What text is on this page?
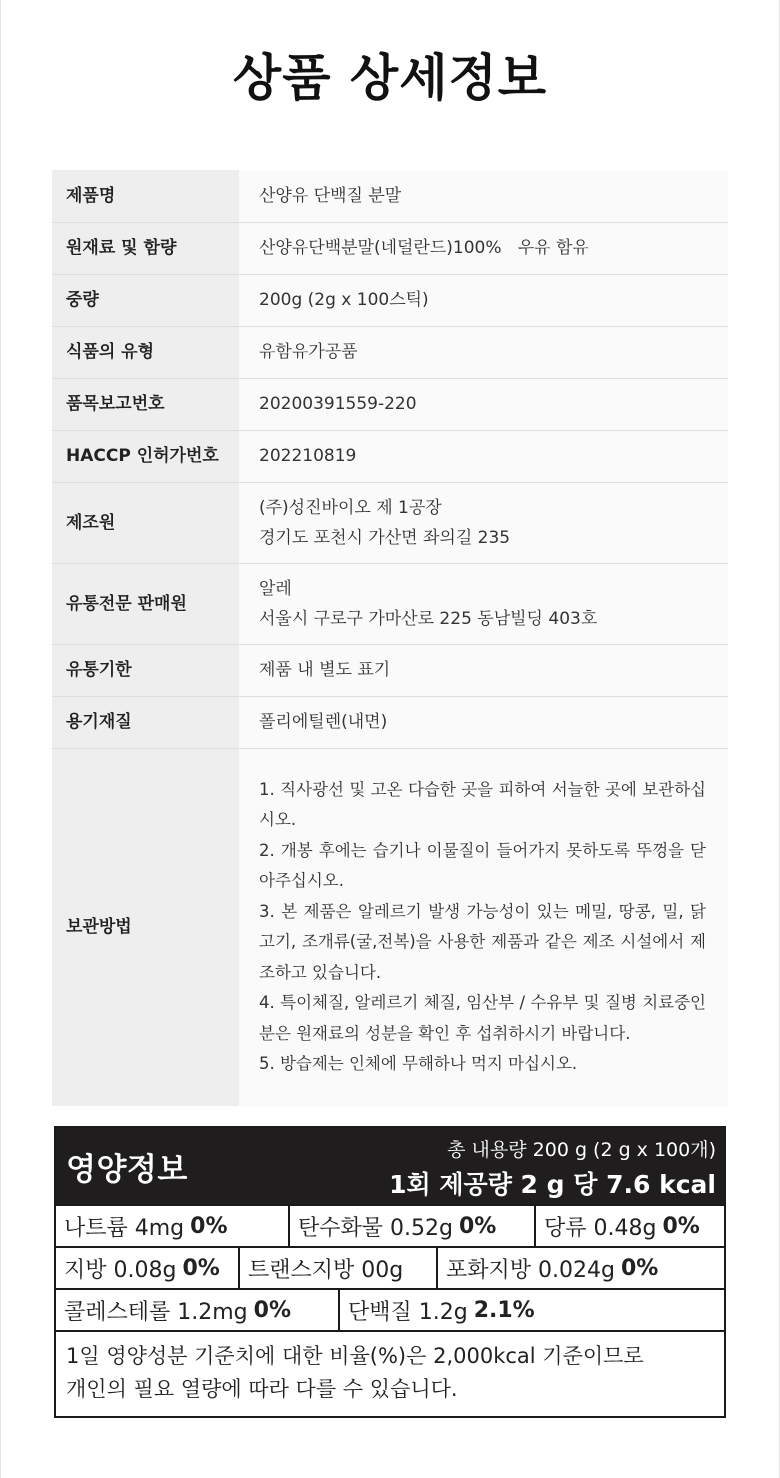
상품 상세정보
제품명	산양유 단백질 분말
원재료 및 함량	산양유단백분말(네덜란드)100%   우유 함유
중량	200g (2g x 100스틱)
식품의 유형	유함유가공품
품목보고번호	20200391559-220
HACCP 인허가번호	202210819
제조원	(주)성진바이오 제 1공장
경기도 포천시 가산면 좌의길 235

유통전문 판매원	알레
서울시 구로구 가마산로 225 동남빌딩 403호

유통기한	제품 내 별도 표기
용기재질	폴리에틸렌(내면)
보관방법	1. 직사광선 및 고온 다습한 곳을 피하여 서늘한 곳에 보관하십시오.
2. 개봉 후에는 습기나 이물질이 들어가지 못하도록 뚜껑을 닫아주십시오.
3. 본 제품은 알레르기 발생 가능성이 있는 메밀, 땅콩, 밀, 닭고기, 조개류(굴,전복)을 사용한 제품과 같은 제조 시설에서 제조하고 있습니다.
4. 특이체질, 알레르기 체질, 임산부 / 수유부 및 질병 치료중인 분은 원재료의 성분을 확인 후 섭취하시기 바랍니다.
5. 방습제는 인체에 무해하나 먹지 마십시오.
영양정보
총 내용량 200 g (2 g x 100개)
1회 제공량 2 g 당 7.6 kcal
나트륨 4mg 0%	탄수화물 0.52g 0% 당류 0.48g 0%
지방 0.08g 0% 트랜스지방 00g 포화지방 0.024g 0%
콜레스테롤 1.2mg 0%	단백질 1.2g 2.1%
1일 영양성분 기준치에 대한 비율(%)은 2,000kcal 기준이므로
개인의 필요 열량에 따라 다를 수 있습니다.
